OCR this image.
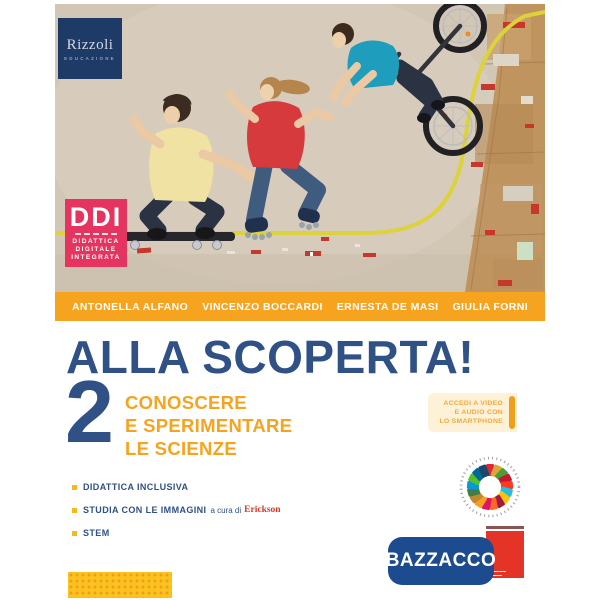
Rizzoli
EDUCAZIONE
DDI
DIDATTICA
DIGITALE
INTEGRATA
ANTONELLA ALFANO VINCENZO BOCCARDI ERNESTA DE MASI GIULIA FORNI
ALLA SCOPERTA!
2 CONOSCERE
E SPERIMENTARE
LE SCIENZE
ACCEDI A VIDEO
E AUDIO CON
LO SMARTPHONE
DIDATTICA INCLUSIVA
STUDIA CON LE IMMAGINI a cura di Erickson
STEM
BAZZACCO
